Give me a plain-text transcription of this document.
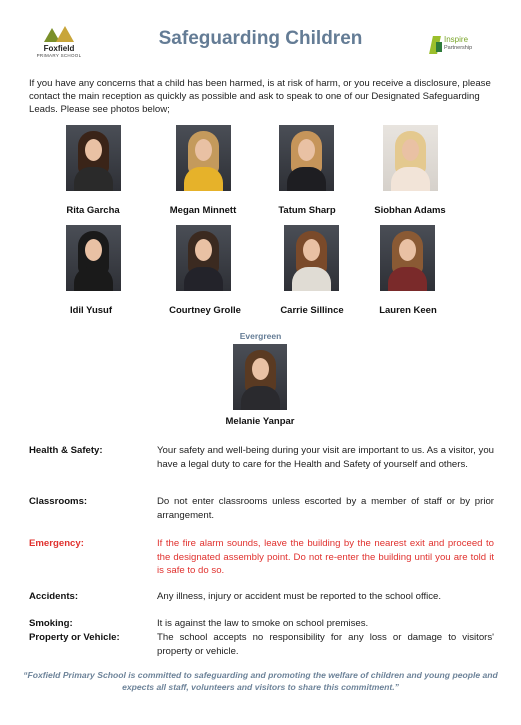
Foxfield
PRIMARY SCHOOL
Safeguarding Children	Inspire
Partnership
If you have any concerns that a child has been harmed, is at risk of harm, or you receive a disclosure, please contact the main reception as quickly as possible and ask to speak to one of our Designated Safeguarding Leads. Please see photos below;
Rita Garcha	Megan Minnett	Tatum Sharp	Siobhan Adams
Idil Yusuf	Courtney Grolle	Carrie Sillince	Lauren Keen
Evergreen
Melanie Yanpar
Health & Safety:	Your safety and well-being during your visit are important to us. As a visitor, you have a legal duty to care for the Health and Safety of yourself and others.
Classrooms:	Do not enter classrooms unless escorted by a member of staff or by prior arrangement.
Emergency:	If the fire alarm sounds, leave the building by the nearest exit and proceed to the designated assembly point. Do not re-enter the building until you are told it is safe to do so.
Accidents:	Any illness, injury or accident must be reported to the school office.
Smoking:	It is against the law to smoke on school premises.
Property or Vehicle:	The school accepts no responsibility for any loss or damage to visitors' property or vehicle.
“Foxfield Primary School is committed to safeguarding and promoting the welfare of children and young people and expects all staff, volunteers and visitors to share this commitment.”
